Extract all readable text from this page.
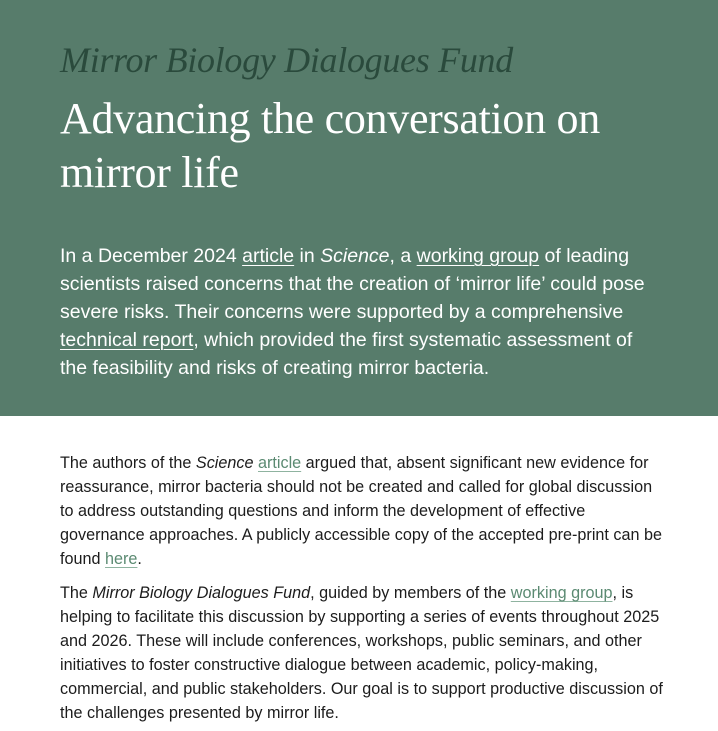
Mirror Biology Dialogues Fund

Advancing the conversation on mirror life

In a December 2024 article in Science, a working group of leading scientists raised concerns that the creation of ‘mirror life’ could pose severe risks. Their concerns were supported by a comprehensive technical report, which provided the first systematic assessment of the feasibility and risks of creating mirror bacteria.

The authors of the Science article argued that, absent significant new evidence for reassurance, mirror bacteria should not be created and called for global discussion to address outstanding questions and inform the development of effective governance approaches. A publicly accessible copy of the accepted pre-print can be found here.

The Mirror Biology Dialogues Fund, guided by members of the working group, is helping to facilitate this discussion by supporting a series of events throughout 2025 and 2026. These will include conferences, workshops, public seminars, and other initiatives to foster constructive dialogue between academic, policy-making, commercial, and public stakeholders. Our goal is to support productive discussion of the challenges presented by mirror life.
